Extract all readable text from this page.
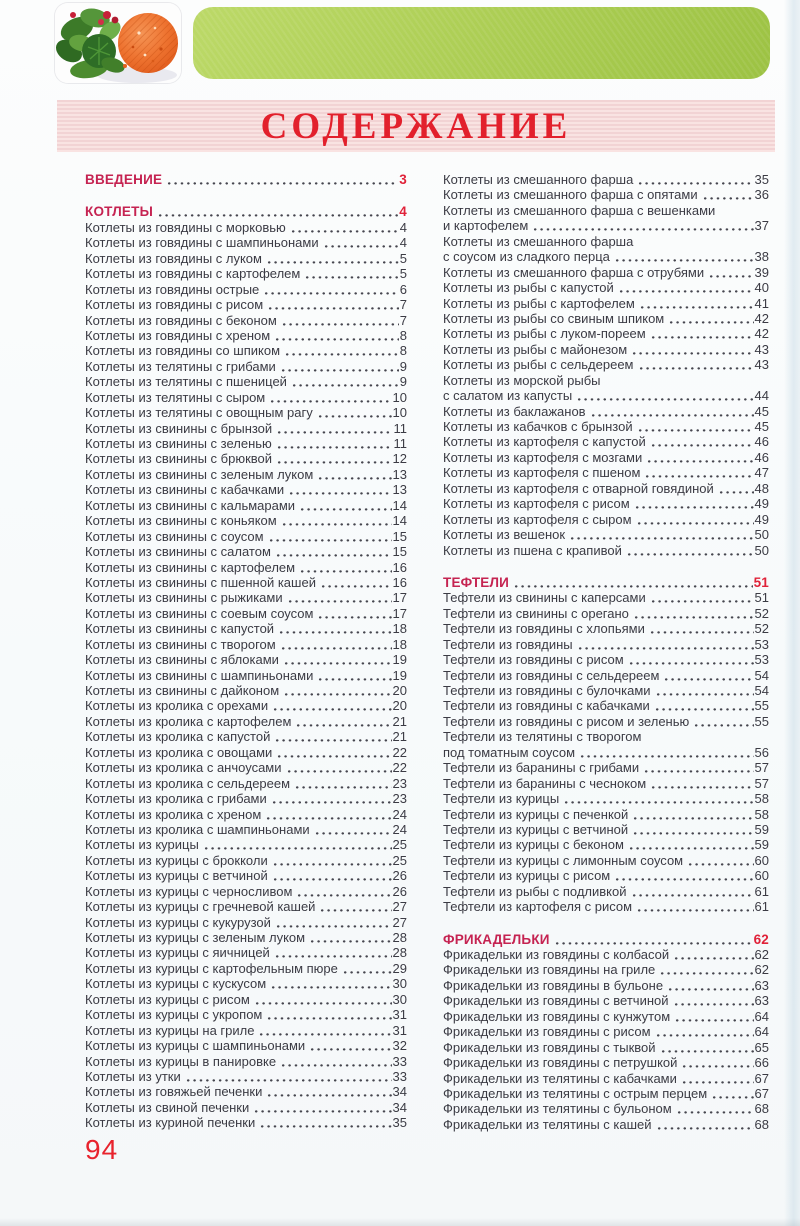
СОДЕРЖАНИЕ
ВВЕДЕНИЕ	3
КОТЛЕТЫ	4
Котлеты из говядины с морковью	4
Котлеты из говядины с шампиньонами	4
Котлеты из говядины с луком	5
Котлеты из говядины с картофелем	5
Котлеты из говядины острые	6
Котлеты из говядины с рисом	7
Котлеты из говядины с беконом	7
Котлеты из говядины с хреном	8
Котлеты из говядины со шпиком	8
Котлеты из телятины с грибами	9
Котлеты из телятины с пшеницей	9
Котлеты из телятины с сыром	10
Котлеты из телятины с овощным рагу	10
Котлеты из свинины с брынзой	11
Котлеты из свинины с зеленью	11
Котлеты из свинины с брюквой	12
Котлеты из свинины с зеленым луком	13
Котлеты из свинины с кабачками	13
Котлеты из свинины с кальмарами	14
Котлеты из свинины с коньяком	14
Котлеты из свинины с соусом	15
Котлеты из свинины с салатом	15
Котлеты из свинины с картофелем	16
Котлеты из свинины с пшенной кашей	16
Котлеты из свинины с рыжиками	17
Котлеты из свинины с соевым соусом	17
Котлеты из свинины с капустой	18
Котлеты из свинины с творогом	18
Котлеты из свинины с яблоками	19
Котлеты из свинины с шампиньонами	19
Котлеты из свинины с дайконом	20
Котлеты из кролика с орехами	20
Котлеты из кролика с картофелем	21
Котлеты из кролика с капустой	21
Котлеты из кролика с овощами	22
Котлеты из кролика с анчоусами	22
Котлеты из кролика с сельдереем	23
Котлеты из кролика с грибами	23
Котлеты из кролика с хреном	24
Котлеты из кролика с шампиньонами	24
Котлеты из курицы	25
Котлеты из курицы с брокколи	25
Котлеты из курицы с ветчиной	26
Котлеты из курицы с черносливом	26
Котлеты из курицы с гречневой кашей	27
Котлеты из курицы с кукурузой	27
Котлеты из курицы с зеленым луком	28
Котлеты из курицы с яичницей	28
Котлеты из курицы с картофельным пюре	29
Котлеты из курицы с кускусом	30
Котлеты из курицы с рисом	30
Котлеты из курицы с укропом	31
Котлеты из курицы на гриле	31
Котлеты из курицы с шампиньонами	32
Котлеты из курицы в панировке	33
Котлеты из утки	33
Котлеты из говяжьей печенки	34
Котлеты из свиной печенки	34
Котлеты из куриной печенки	35
Котлеты из смешанного фарша	35
Котлеты из смешанного фарша с опятами	36
Котлеты из смешанного фарша с вешенками
и картофелем	37
Котлеты из смешанного фарша
с соусом из сладкого перца	38
Котлеты из смешанного фарша с отрубями	39
Котлеты из рыбы с капустой	40
Котлеты из рыбы с картофелем	41
Котлеты из рыбы со свиным шпиком	42
Котлеты из рыбы с луком-пореем	42
Котлеты из рыбы с майонезом	43
Котлеты из рыбы с сельдереем	43
Котлеты из морской рыбы
с салатом из капусты	44
Котлеты из баклажанов	45
Котлеты из кабачков с брынзой	45
Котлеты из картофеля с капустой	46
Котлеты из картофеля с мозгами	46
Котлеты из картофеля с пшеном	47
Котлеты из картофеля с отварной говядиной	48
Котлеты из картофеля с рисом	49
Котлеты из картофеля с сыром	49
Котлеты из вешенок	50
Котлеты из пшена с крапивой	50
ТЕФТЕЛИ	51
Тефтели из свинины с каперсами	51
Тефтели из свинины с орегано	52
Тефтели из говядины с хлопьями	52
Тефтели из говядины	53
Тефтели из говядины с рисом	53
Тефтели из говядины с сельдереем	54
Тефтели из говядины с булочками	54
Тефтели из говядины с кабачками	55
Тефтели из говядины с рисом и зеленью	55
Тефтели из телятины с творогом
под томатным соусом	56
Тефтели из баранины с грибами	57
Тефтели из баранины с чесноком	57
Тефтели из курицы	58
Тефтели из курицы с печенкой	58
Тефтели из курицы с ветчиной	59
Тефтели из курицы с беконом	59
Тефтели из курицы с лимонным соусом	60
Тефтели из курицы с рисом	60
Тефтели из рыбы с подливкой	61
Тефтели из картофеля с рисом	61
ФРИКАДЕЛЬКИ	62
Фрикадельки из говядины с колбасой	62
Фрикадельки из говядины на гриле	62
Фрикадельки из говядины в бульоне	63
Фрикадельки из говядины с ветчиной	63
Фрикадельки из говядины с кунжутом	64
Фрикадельки из говядины с рисом	64
Фрикадельки из говядины с тыквой	65
Фрикадельки из говядины с петрушкой	66
Фрикадельки из телятины с кабачками	67
Фрикадельки из телятины с острым перцем	67
Фрикадельки из телятины с бульоном	68
Фрикадельки из телятины с кашей	68
94
